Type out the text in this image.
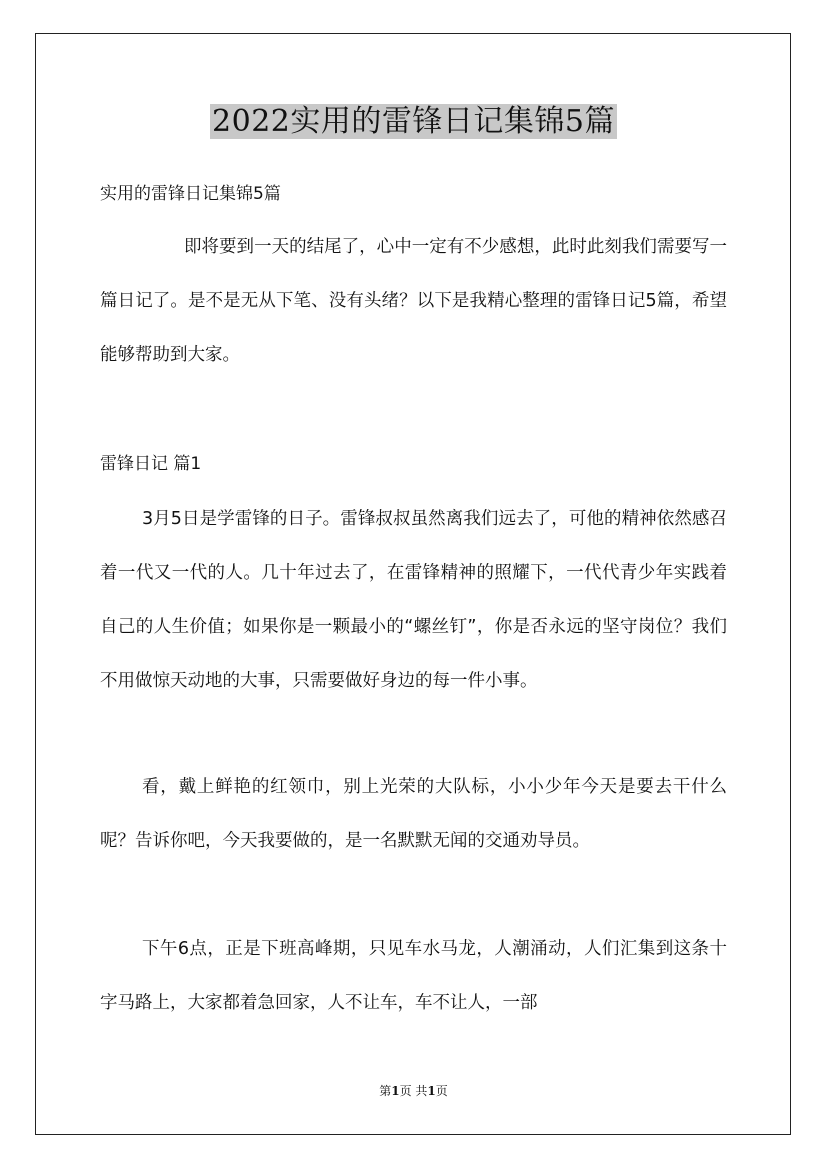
2022实用的雷锋日记集锦5篇

实用的雷锋日记集锦5篇

即将要到一天的结尾了，心中一定有不少感想，此时此刻我们需要写一篇日记了。是不是无从下笔、没有头绪？以下是我精心整理的雷锋日记5篇，希望能够帮助到大家。

雷锋日记 篇1

3月5日是学雷锋的日子。雷锋叔叔虽然离我们远去了，可他的精神依然感召着一代又一代的人。几十年过去了，在雷锋精神的照耀下，一代代青少年实践着自己的人生价值；如果你是一颗最小的“螺丝钉”，你是否永远的坚守岗位？我们不用做惊天动地的大事，只需要做好身边的每一件小事。

看，戴上鲜艳的红领巾，别上光荣的大队标，小小少年今天是要去干什么呢？告诉你吧，今天我要做的，是一名默默无闻的交通劝导员。

下午6点，正是下班高峰期，只见车水马龙，人潮涌动，人们汇集到这条十字马路上，大家都着急回家，人不让车，车不让人，一部

第1页 共1页
